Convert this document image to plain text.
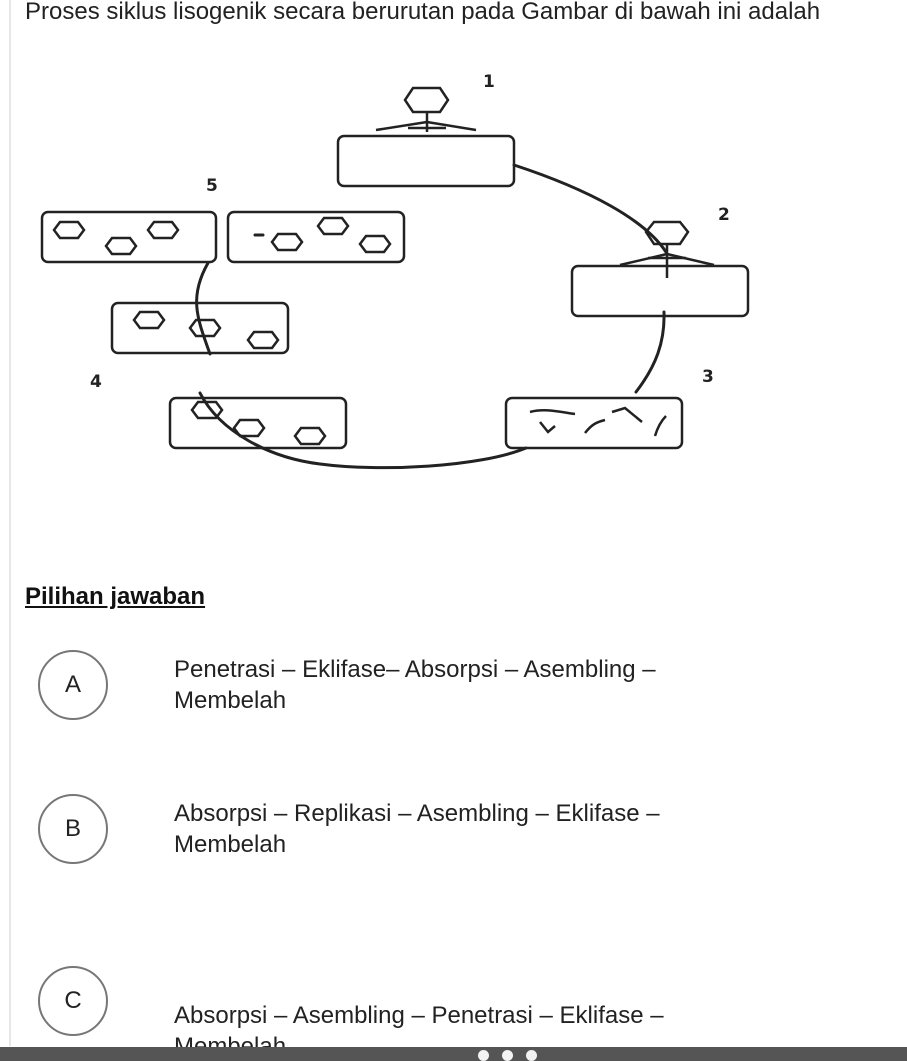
Proses siklus lisogenik secara berurutan pada Gambar di bawah ini adalah
1
2
3
4
5
Pilihan jawaban
A
Penetrasi – Eklifase– Absorpsi – Asembling –
Membelah
B
Absorpsi – Replikasi – Asembling – Eklifase –
Membelah
C
Absorpsi – Asembling – Penetrasi – Eklifase –
